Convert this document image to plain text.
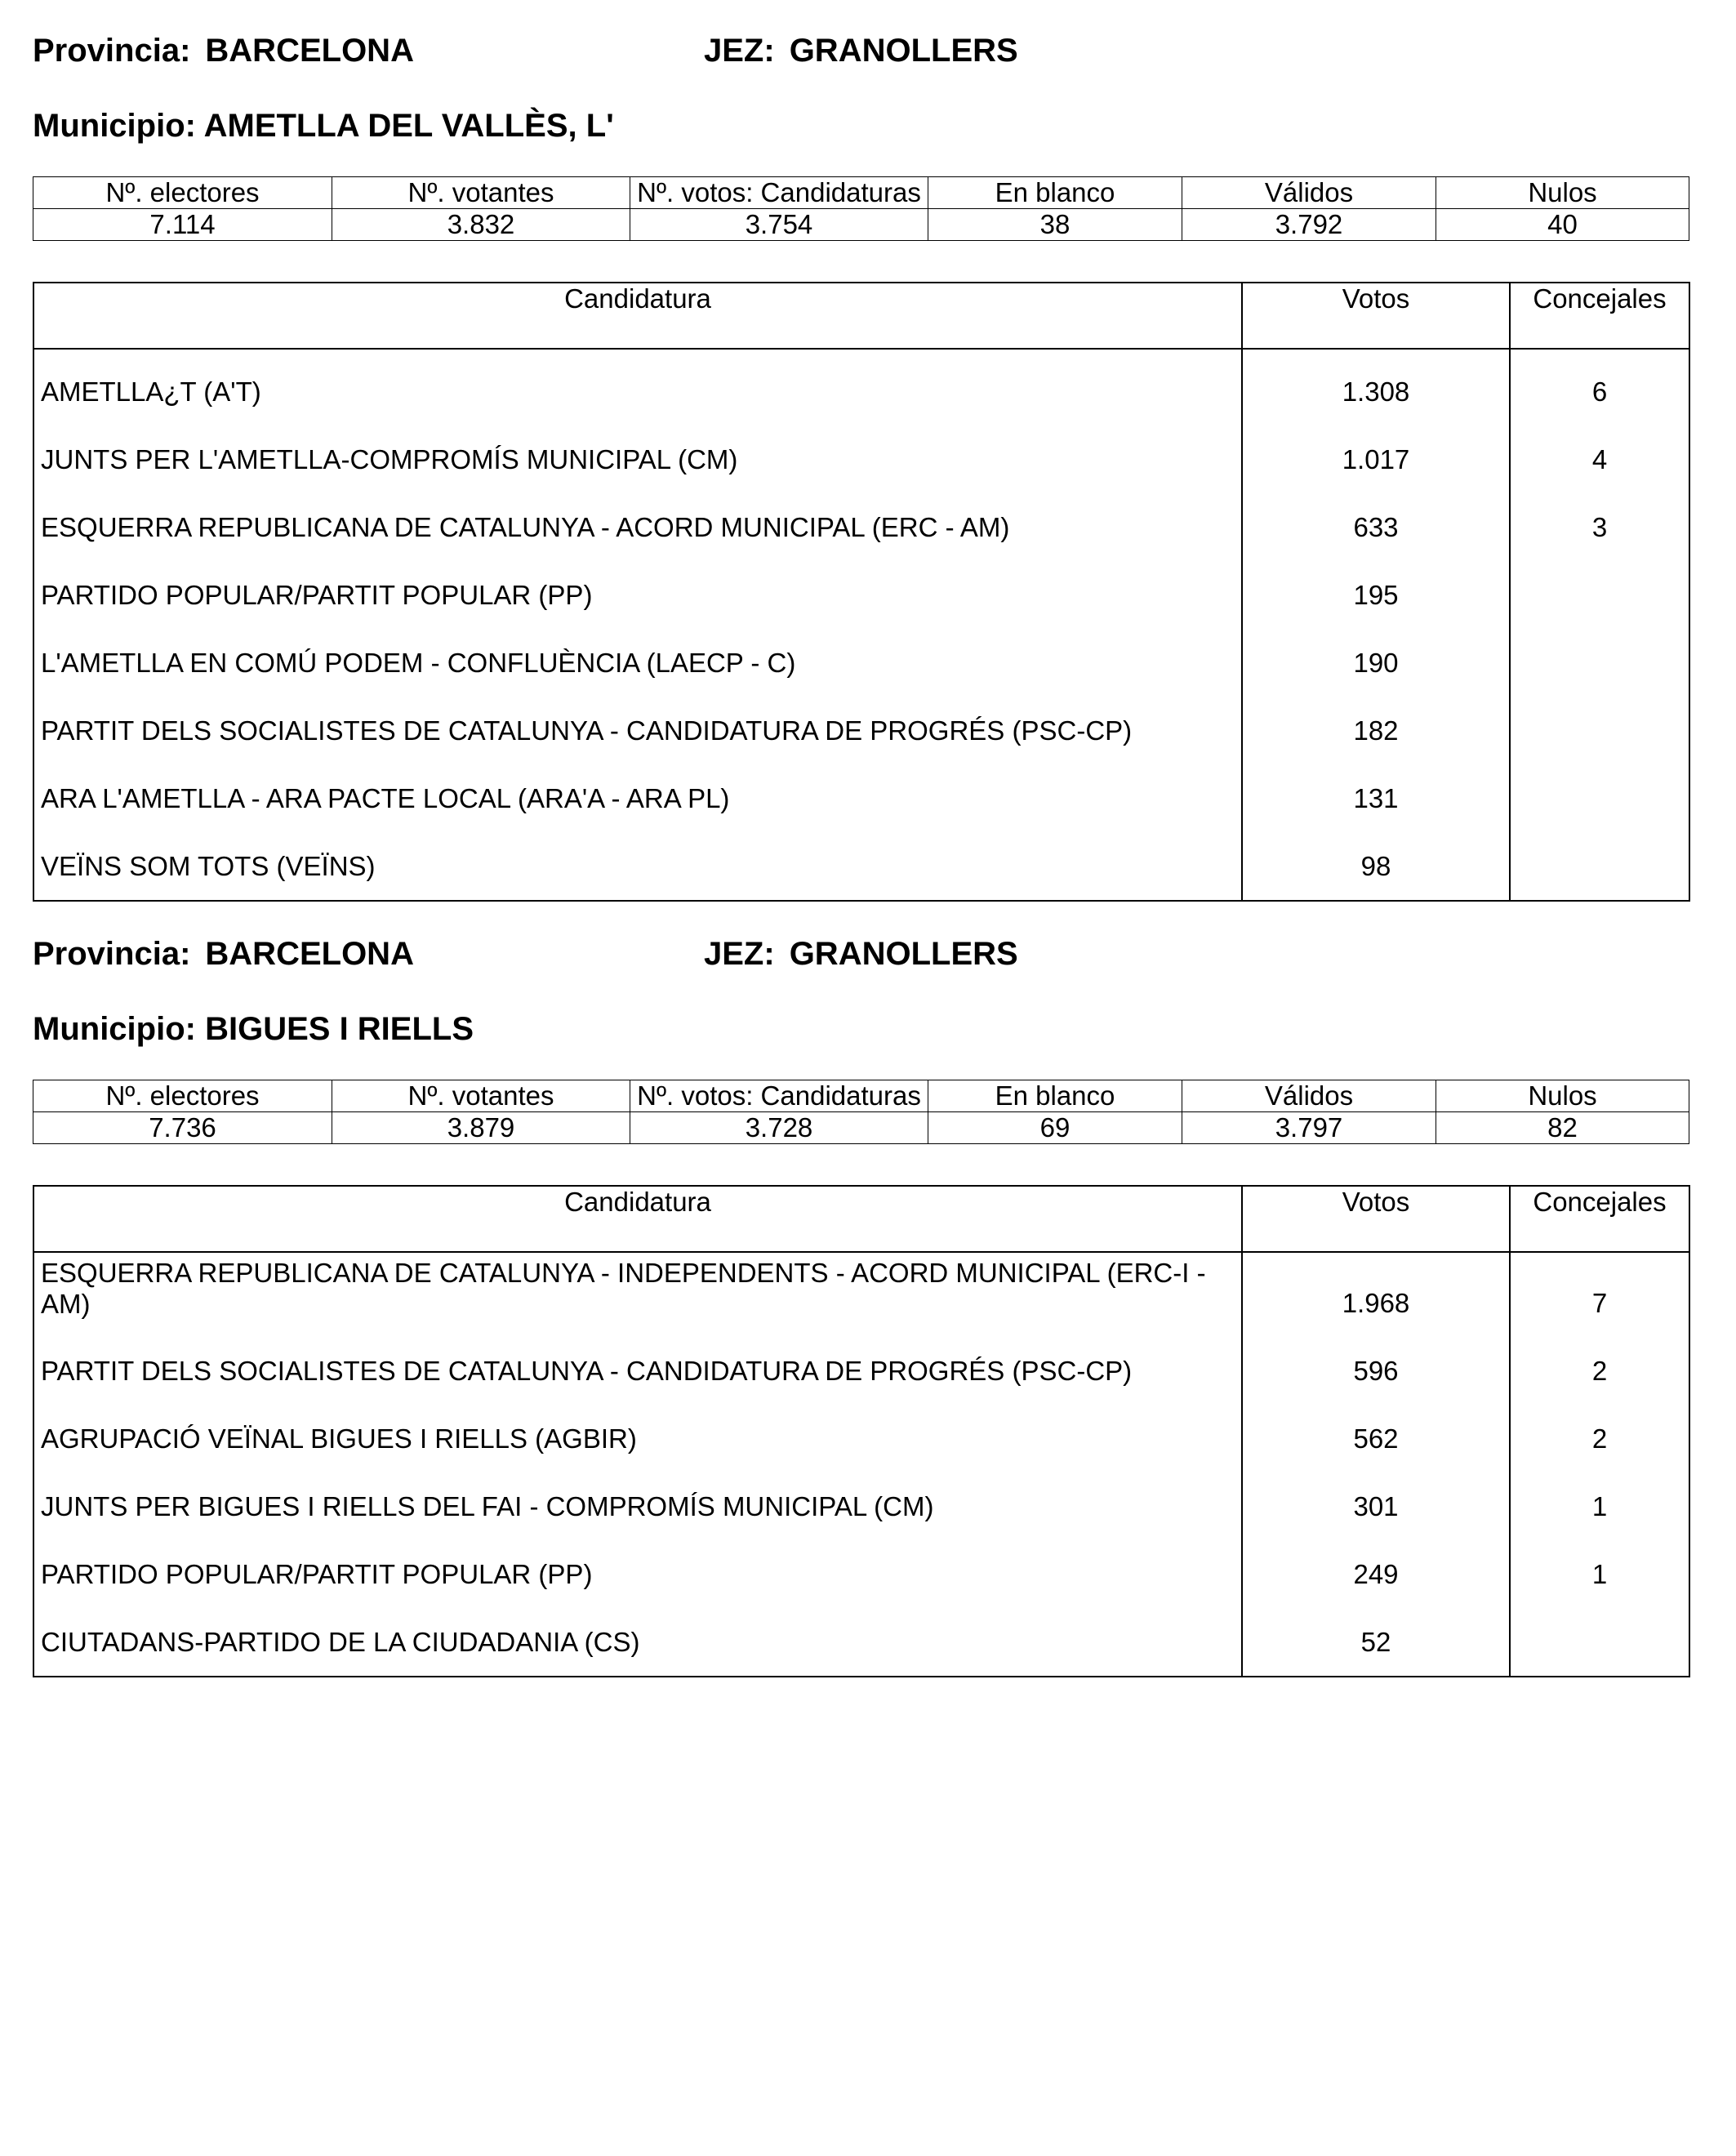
Provincia: BARCELONA	JEZ: GRANOLLERS
Municipio: AMETLLA DEL VALLÈS, L'
Nº. electores	Nº. votantes	Nº. votos: Candidaturas	En blanco	Válidos	Nulos
7.114	3.832	3.754	38	3.792	40
Candidatura	Votos	Concejales
AMETLLA¿T (A'T)	1.308	6
JUNTS PER L'AMETLLA-COMPROMÍS MUNICIPAL (CM)	1.017	4
ESQUERRA REPUBLICANA DE CATALUNYA - ACORD MUNICIPAL (ERC - AM)	633	3
PARTIDO POPULAR/PARTIT POPULAR (PP)	195	
L'AMETLLA EN COMÚ PODEM - CONFLUÈNCIA (LAECP - C)	190	
PARTIT DELS SOCIALISTES DE CATALUNYA - CANDIDATURA DE PROGRÉS (PSC-CP)	182	
ARA L'AMETLLA - ARA PACTE LOCAL (ARA'A - ARA PL)	131	
VEÏNS SOM TOTS (VEÏNS)	98	
Provincia: BARCELONA	JEZ: GRANOLLERS
Municipio: BIGUES I RIELLS
Nº. electores	Nº. votantes	Nº. votos: Candidaturas	En blanco	Válidos	Nulos
7.736	3.879	3.728	69	3.797	82
Candidatura	Votos	Concejales
ESQUERRA REPUBLICANA DE CATALUNYA - INDEPENDENTS - ACORD MUNICIPAL (ERC-I - AM)	1.968	7
PARTIT DELS SOCIALISTES DE CATALUNYA - CANDIDATURA DE PROGRÉS (PSC-CP)	596	2
AGRUPACIÓ VEÏNAL BIGUES I RIELLS (AGBIR)	562	2
JUNTS PER BIGUES I RIELLS DEL FAI - COMPROMÍS MUNICIPAL (CM)	301	1
PARTIDO POPULAR/PARTIT POPULAR (PP)	249	1
CIUTADANS-PARTIDO DE LA CIUDADANIA (CS)	52	
